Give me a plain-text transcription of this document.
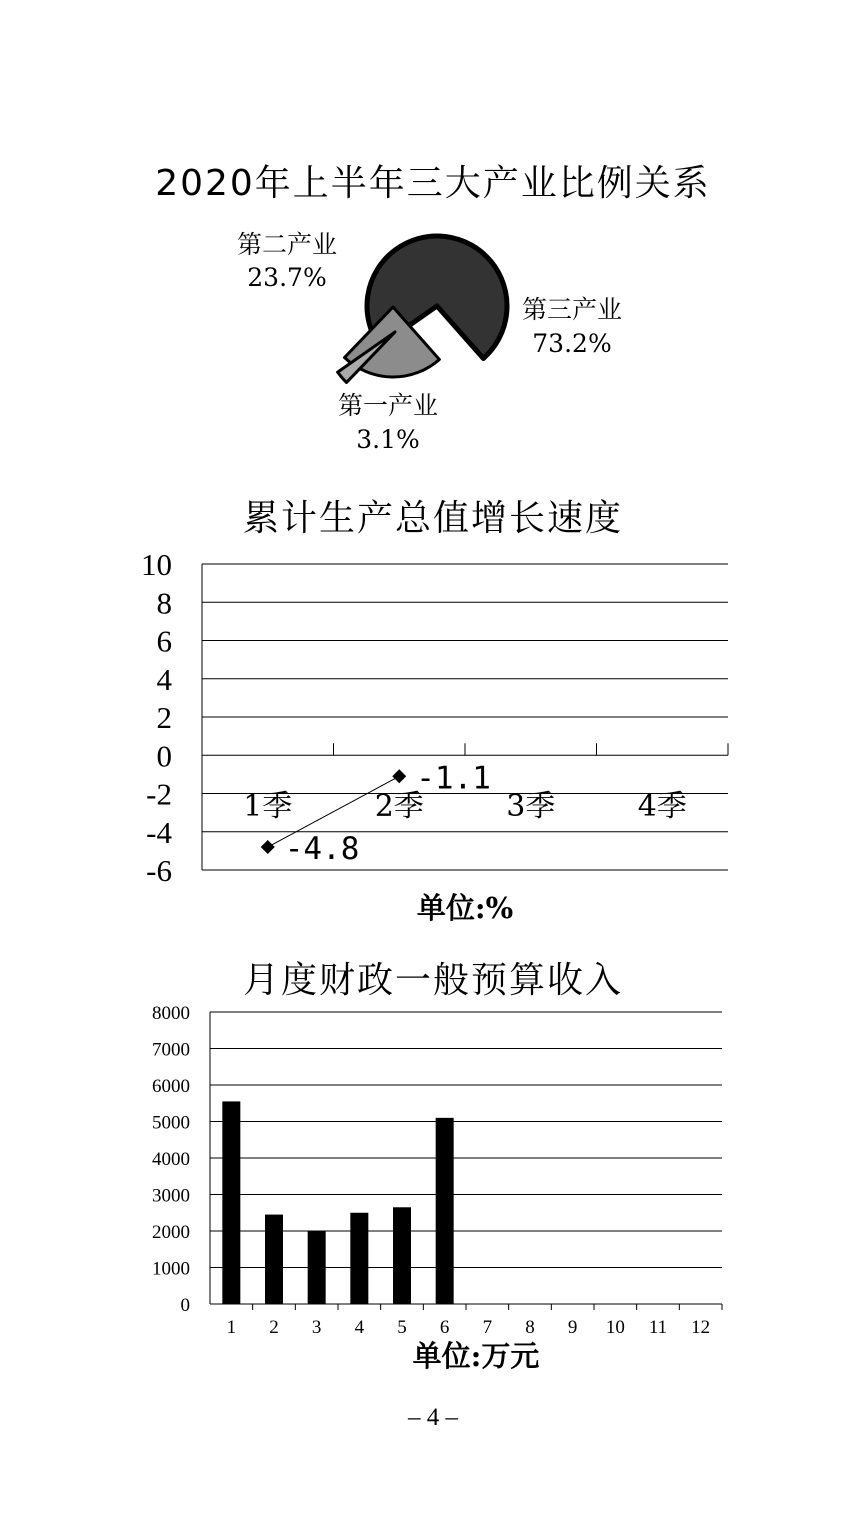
2020年上半年三大产业比例关系
第二产业
23.7%
第三产业
73.2%
第一产业
3.1%
累计生产总值增长速度
10
8
6
4
2
0
-2
-4
-6
1季	2季	3季	4季
-4.8
-1.1
单位:%
月度财政一般预算收入
8000
7000
6000
5000
4000
3000
2000
1000
0
1 2 3 4 5 6 7 8 9 10 11 12
单位:万元
– 4 –
